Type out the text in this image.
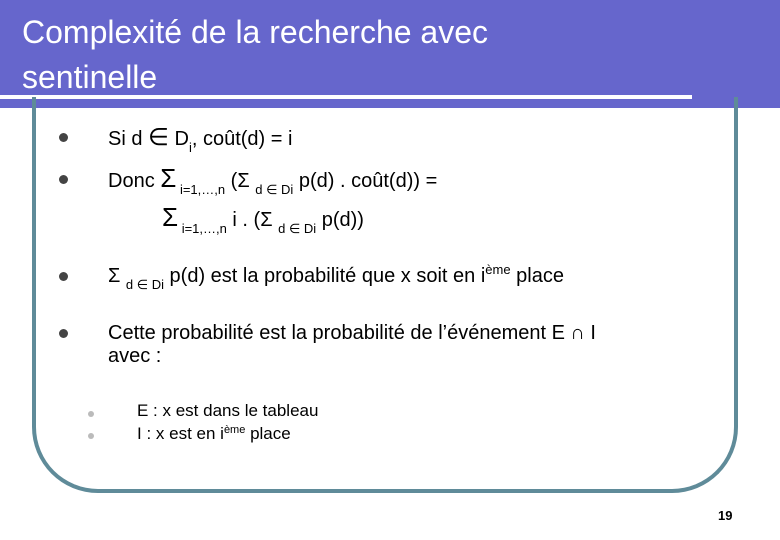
Complexité de la recherche avec
sentinelle
Si d ∈ $D_i$, coût(d) = i
Donc Σ $_{i=1,\dots,n}$ (Σ $_{d \in Di}$ p(d) . coût(d)) =
Σ $_{i=1,\dots,n}$ i . (Σ $_{d \in Di}$ p(d))
Σ $_{d \in Di}$ p(d) est la probabilité que x soit en $i^{ème}$ place
Cette probabilité est la probabilité de l’événement E ∩ I
avec :
E : x est dans le tableau
I : x est en $i^{ème}$ place
19
